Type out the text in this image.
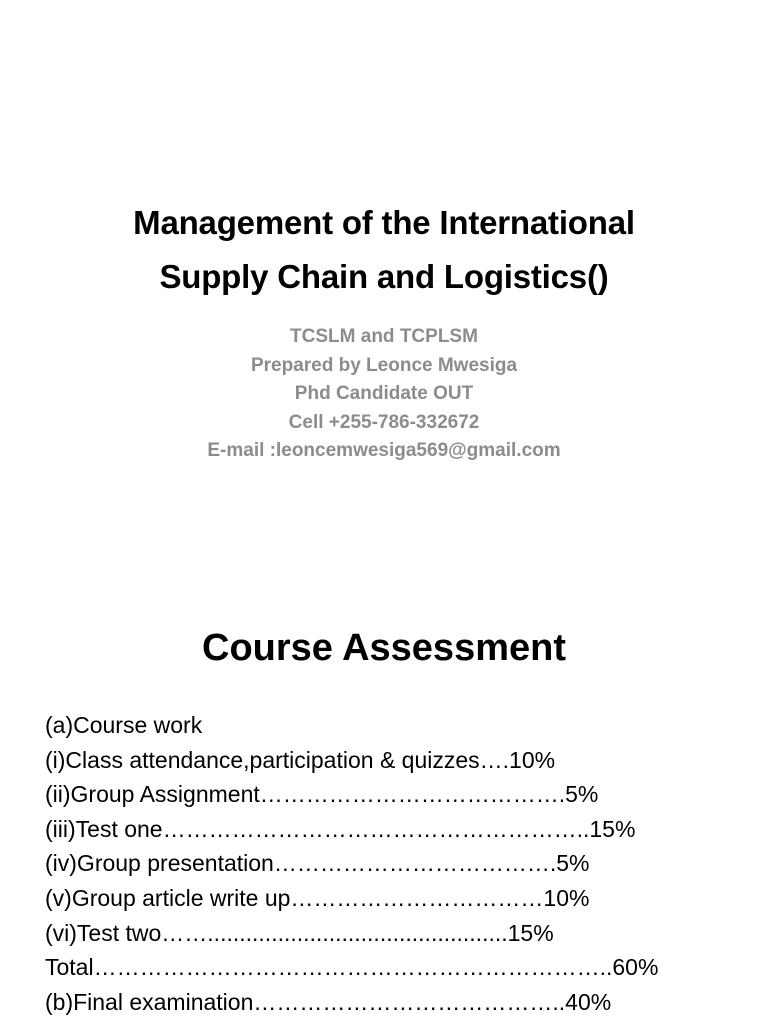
Management of the International
Supply Chain and Logistics()
TCSLM and TCPLSM
Prepared by Leonce Mwesiga
Phd Candidate OUT
Cell +255-786-332672
E-mail :leoncemwesiga569@gmail.com
Course Assessment
(a)Course work
(i)Class attendance,participation & quizzes….10%
(ii)Group Assignment………………………………….5%
(iii)Test one………………………………………………..15%
(iv)Group presentation……………………………….5%
(v)Group article write up……………………………10%
(vi)Test two……...............................................15%
Total…………………………………………………………..60%
(b)Final examination…………………………………..40%
